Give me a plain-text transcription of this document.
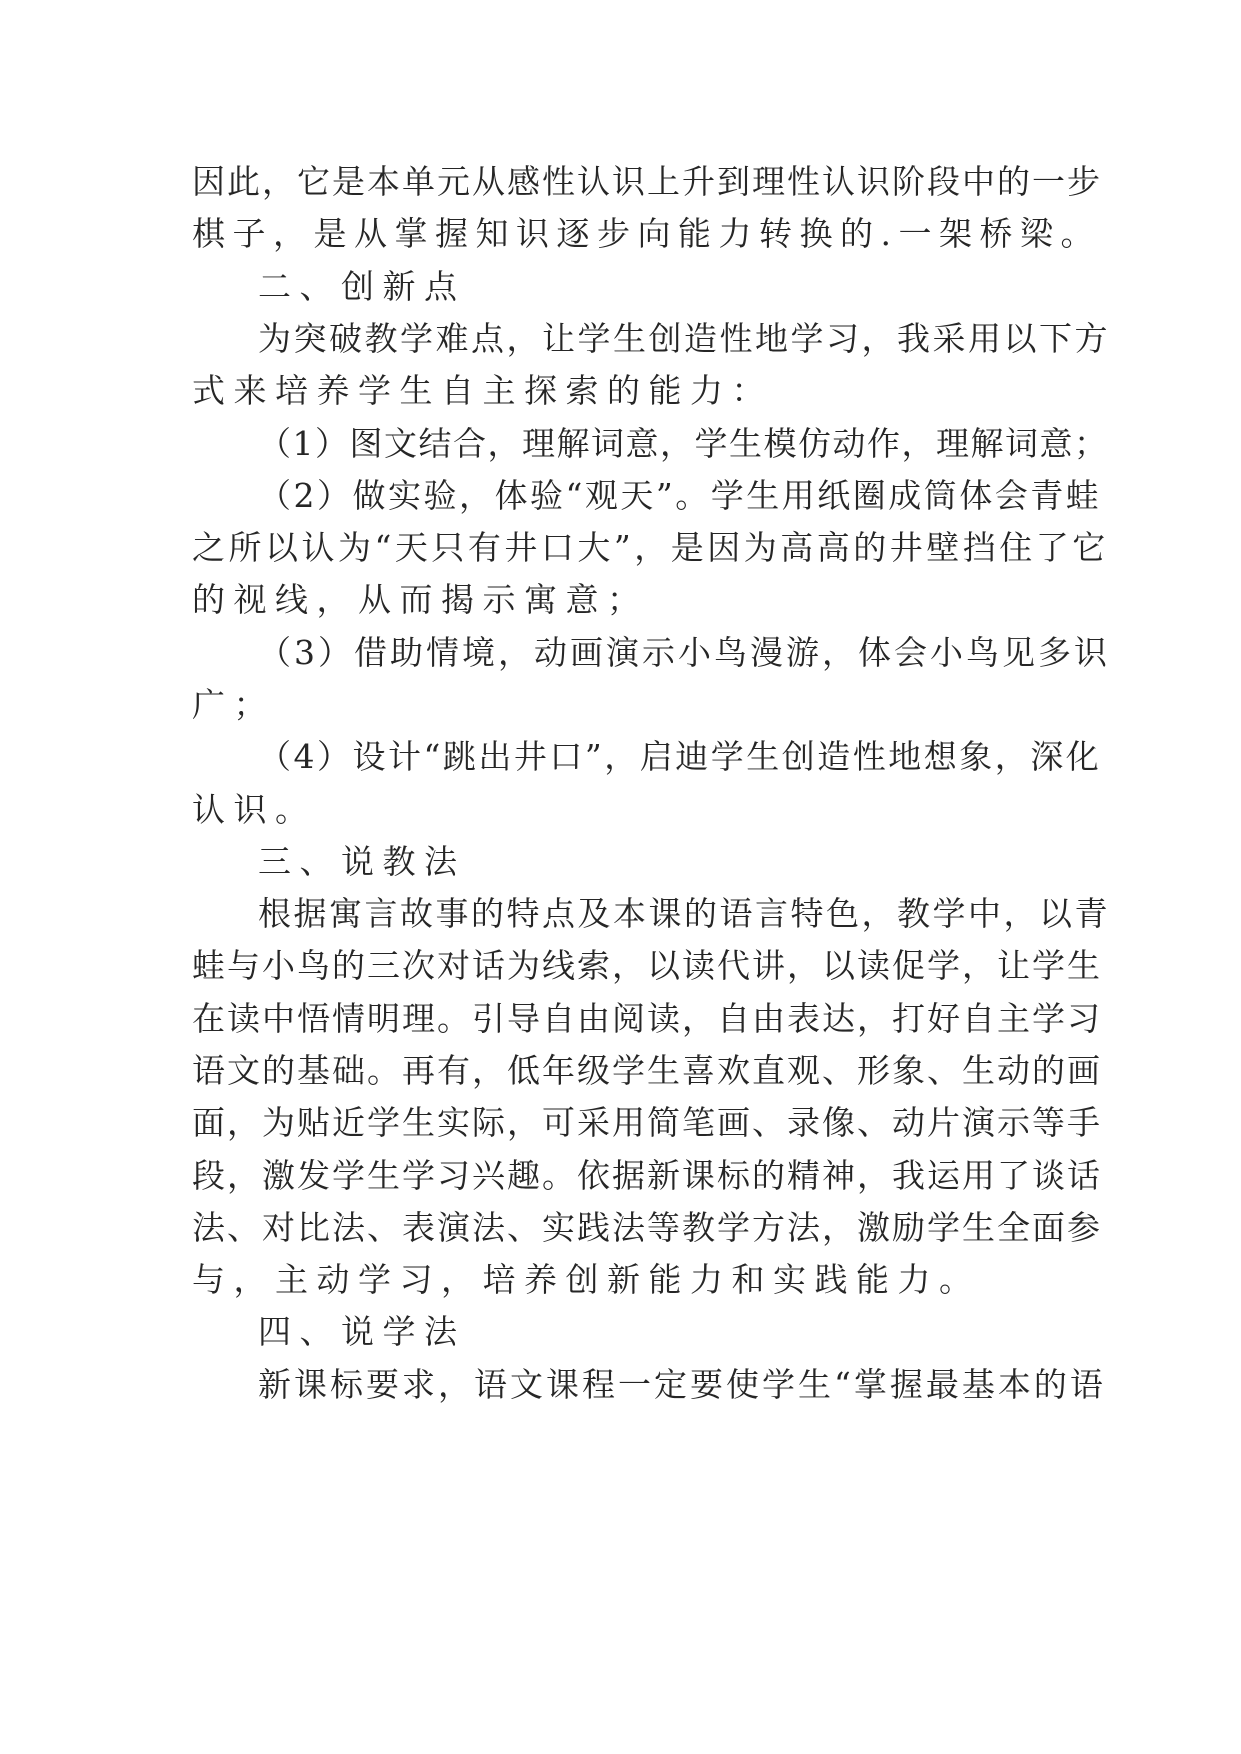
因此，它是本单元从感性认识上升到理性认识阶段中的一步
棋子，是从掌握知识逐步向能力转换的.一架桥梁。
二、创新点
为突破教学难点，让学生创造性地学习，我采用以下方
式来培养学生自主探索的能力：
（1）图文结合，理解词意，学生模仿动作，理解词意；
（2）做实验，体验“观天”。学生用纸圈成筒体会青蛙
之所以认为“天只有井口大”，是因为高高的井壁挡住了它
的视线，从而揭示寓意；
（3）借助情境，动画演示小鸟漫游，体会小鸟见多识
广；
（4）设计“跳出井口”，启迪学生创造性地想象，深化
认识。
三、说教法
根据寓言故事的特点及本课的语言特色，教学中，以青
蛙与小鸟的三次对话为线索，以读代讲，以读促学，让学生
在读中悟情明理。引导自由阅读，自由表达，打好自主学习
语文的基础。再有，低年级学生喜欢直观、形象、生动的画
面，为贴近学生实际，可采用简笔画、录像、动片演示等手
段，激发学生学习兴趣。依据新课标的精神，我运用了谈话
法、对比法、表演法、实践法等教学方法，激励学生全面参
与，主动学习，培养创新能力和实践能力。
四、说学法
新课标要求，语文课程一定要使学生“掌握最基本的语
